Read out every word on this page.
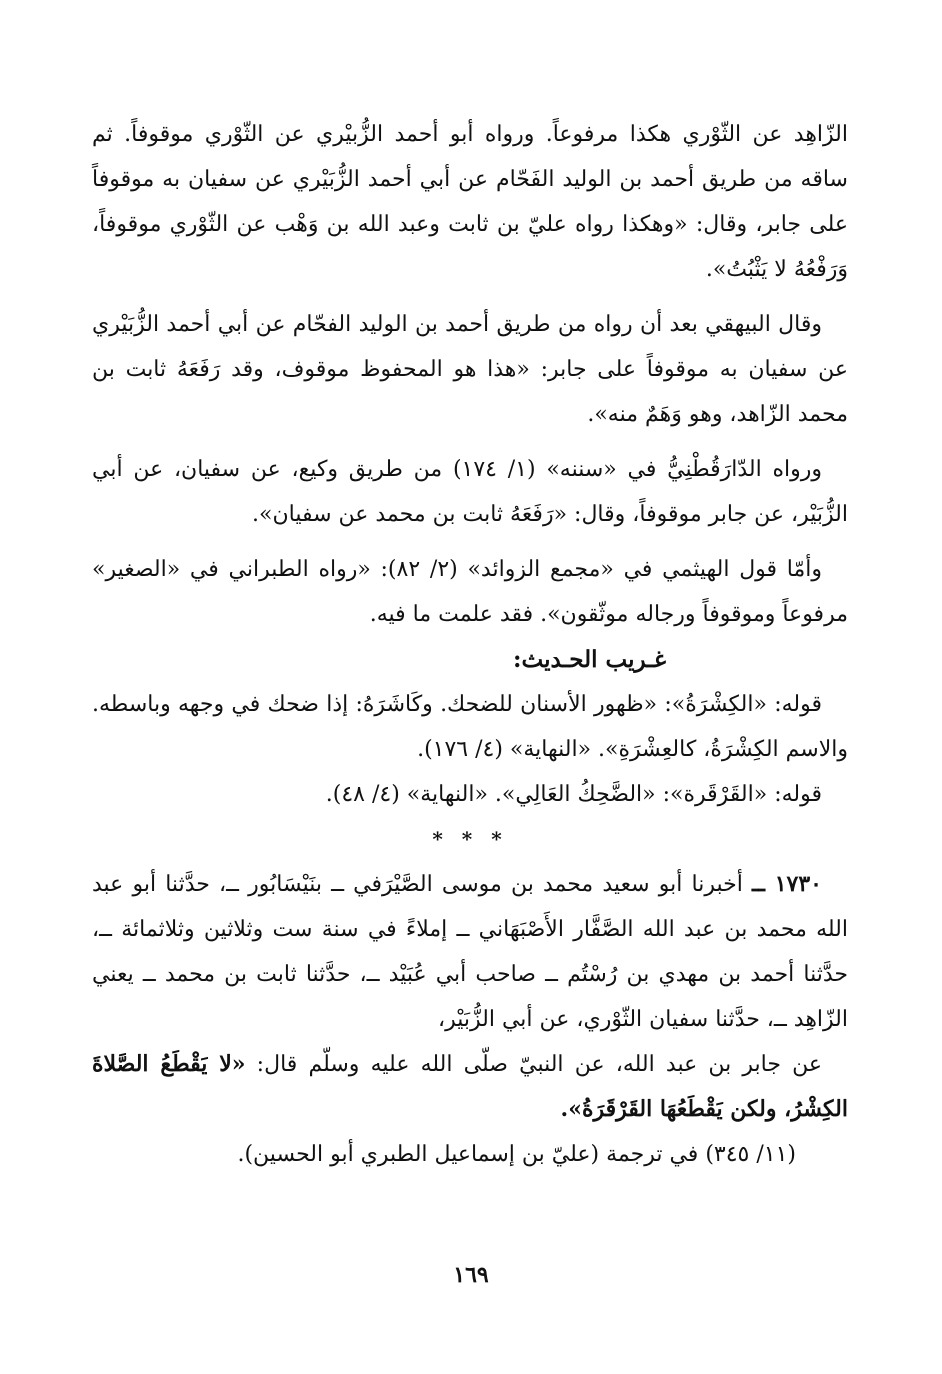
الزّاهِد عن الثّوْري هكذا مرفوعاً. ورواه أبو أحمد الزُّبيْري عن الثّوْري موقوفاً. ثم ساقه من طريق أحمد بن الوليد الفَحّام عن أبي أحمد الزُّبَيْري عن سفيان به موقوفاً على جابر، وقال: «وهكذا رواه عليّ بن ثابت وعبد الله بن وَهْب عن الثّوْري موقوفاً، وَرَفْعُهُ لا يَثْبُتُ».

وقال البيهقي بعد أن رواه من طريق أحمد بن الوليد الفحّام عن أبي أحمد الزُّبَيْري عن سفيان به موقوفاً على جابر: «هذا هو المحفوظ موقوف، وقد رَفَعَهُ ثابت بن محمد الزّاهد، وهو وَهَمٌ منه».

ورواه الدّارَقُطْنِيُّ في «سننه» (١/ ١٧٤) من طريق وكيع، عن سفيان، عن أبي الزُّبَيْر، عن جابر موقوفاً، وقال: «رَفَعَهُ ثابت بن محمد عن سفيان».

وأمّا قول الهيثمي في «مجمع الزوائد» (٢/ ٨٢): «رواه الطبراني في «الصغير» مرفوعاً وموقوفاً ورجاله موثّقون». فقد علمت ما فيه.

غـريب الحـديث:

قوله: «الكِشْرَةُ»: «ظهور الأسنان للضحك. وكَاشَرَهُ: إذا ضحك في وجهه وباسطه. والاسم الكِشْرَةُ، كالعِشْرَةِ». «النهاية» (٤/ ١٧٦).

قوله: «القَرْقَرة»: «الضَّحِكُ العَالِي». «النهاية» (٤/ ٤٨).

* * *

١٧٣٠ ــ أخبرنا أبو سعيد محمد بن موسى الصَّيْرَفي ــ بنَيْسَابُور ــ، حدَّثنا أبو عبد الله محمد بن عبد الله الصَّفَّار الأَصْبَهَاني ــ إملاءً في سنة ست وثلاثين وثلاثمائة ــ، حدَّثنا أحمد بن مهدي بن رُسْتُم ــ صاحب أبي عُبَيْد ــ، حدَّثنا ثابت بن محمد ــ يعني الزّاهِد ــ، حدَّثنا سفيان الثّوْري، عن أبي الزُّبَيْر،

عن جابر بن عبد الله، عن النبيّ صلّى الله عليه وسلّم قال: «لا يَقْطَعُ الصَّلاةَ الكِشْرُ، ولكن يَقْطَعُهَا القَرْقَرَةُ».

(١١/ ٣٤٥) في ترجمة (عليّ بن إسماعيل الطبري أبو الحسين).

١٦٩
